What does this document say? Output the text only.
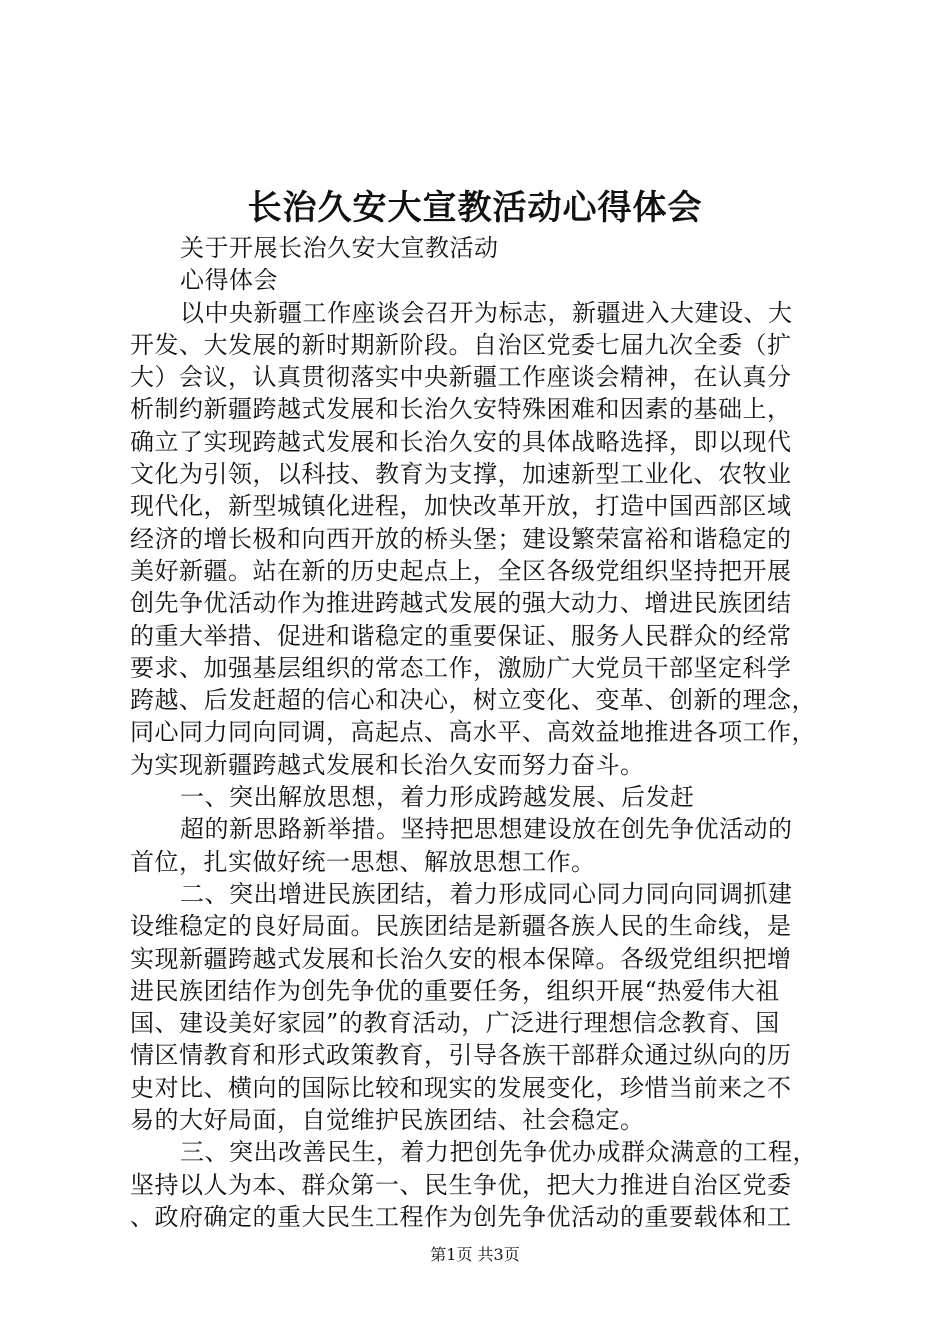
长治久安大宣教活动心得体会
关于开展长治久安大宣教活动
心得体会
以中央新疆工作座谈会召开为标志，新疆进入大建设、大
开发、大发展的新时期新阶段。自治区党委七届九次全委（扩
大）会议，认真贯彻落实中央新疆工作座谈会精神，在认真分
析制约新疆跨越式发展和长治久安特殊困难和因素的基础上，
确立了实现跨越式发展和长治久安的具体战略选择，即以现代
文化为引领，以科技、教育为支撑，加速新型工业化、农牧业
现代化，新型城镇化进程，加快改革开放，打造中国西部区域
经济的增长极和向西开放的桥头堡；建设繁荣富裕和谐稳定的
美好新疆。站在新的历史起点上，全区各级党组织坚持把开展
创先争优活动作为推进跨越式发展的强大动力、增进民族团结
的重大举措、促进和谐稳定的重要保证、服务人民群众的经常
要求、加强基层组织的常态工作，激励广大党员干部坚定科学
跨越、后发赶超的信心和决心，树立变化、变革、创新的理念，
同心同力同向同调，高起点、高水平、高效益地推进各项工作，
为实现新疆跨越式发展和长治久安而努力奋斗。
一、突出解放思想，着力形成跨越发展、后发赶
超的新思路新举措。坚持把思想建设放在创先争优活动的
首位，扎实做好统一思想、解放思想工作。
二、突出增进民族团结，着力形成同心同力同向同调抓建
设维稳定的良好局面。民族团结是新疆各族人民的生命线，是
实现新疆跨越式发展和长治久安的根本保障。各级党组织把增
进民族团结作为创先争优的重要任务，组织开展“热爱伟大祖
国、建设美好家园”的教育活动，广泛进行理想信念教育、国
情区情教育和形式政策教育，引导各族干部群众通过纵向的历
史对比、横向的国际比较和现实的发展变化，珍惜当前来之不
易的大好局面，自觉维护民族团结、社会稳定。
三、突出改善民生，着力把创先争优办成群众满意的工程，
坚持以人为本、群众第一、民生争优，把大力推进自治区党委
、政府确定的重大民生工程作为创先争优活动的重要载体和工
第1页 共3页
